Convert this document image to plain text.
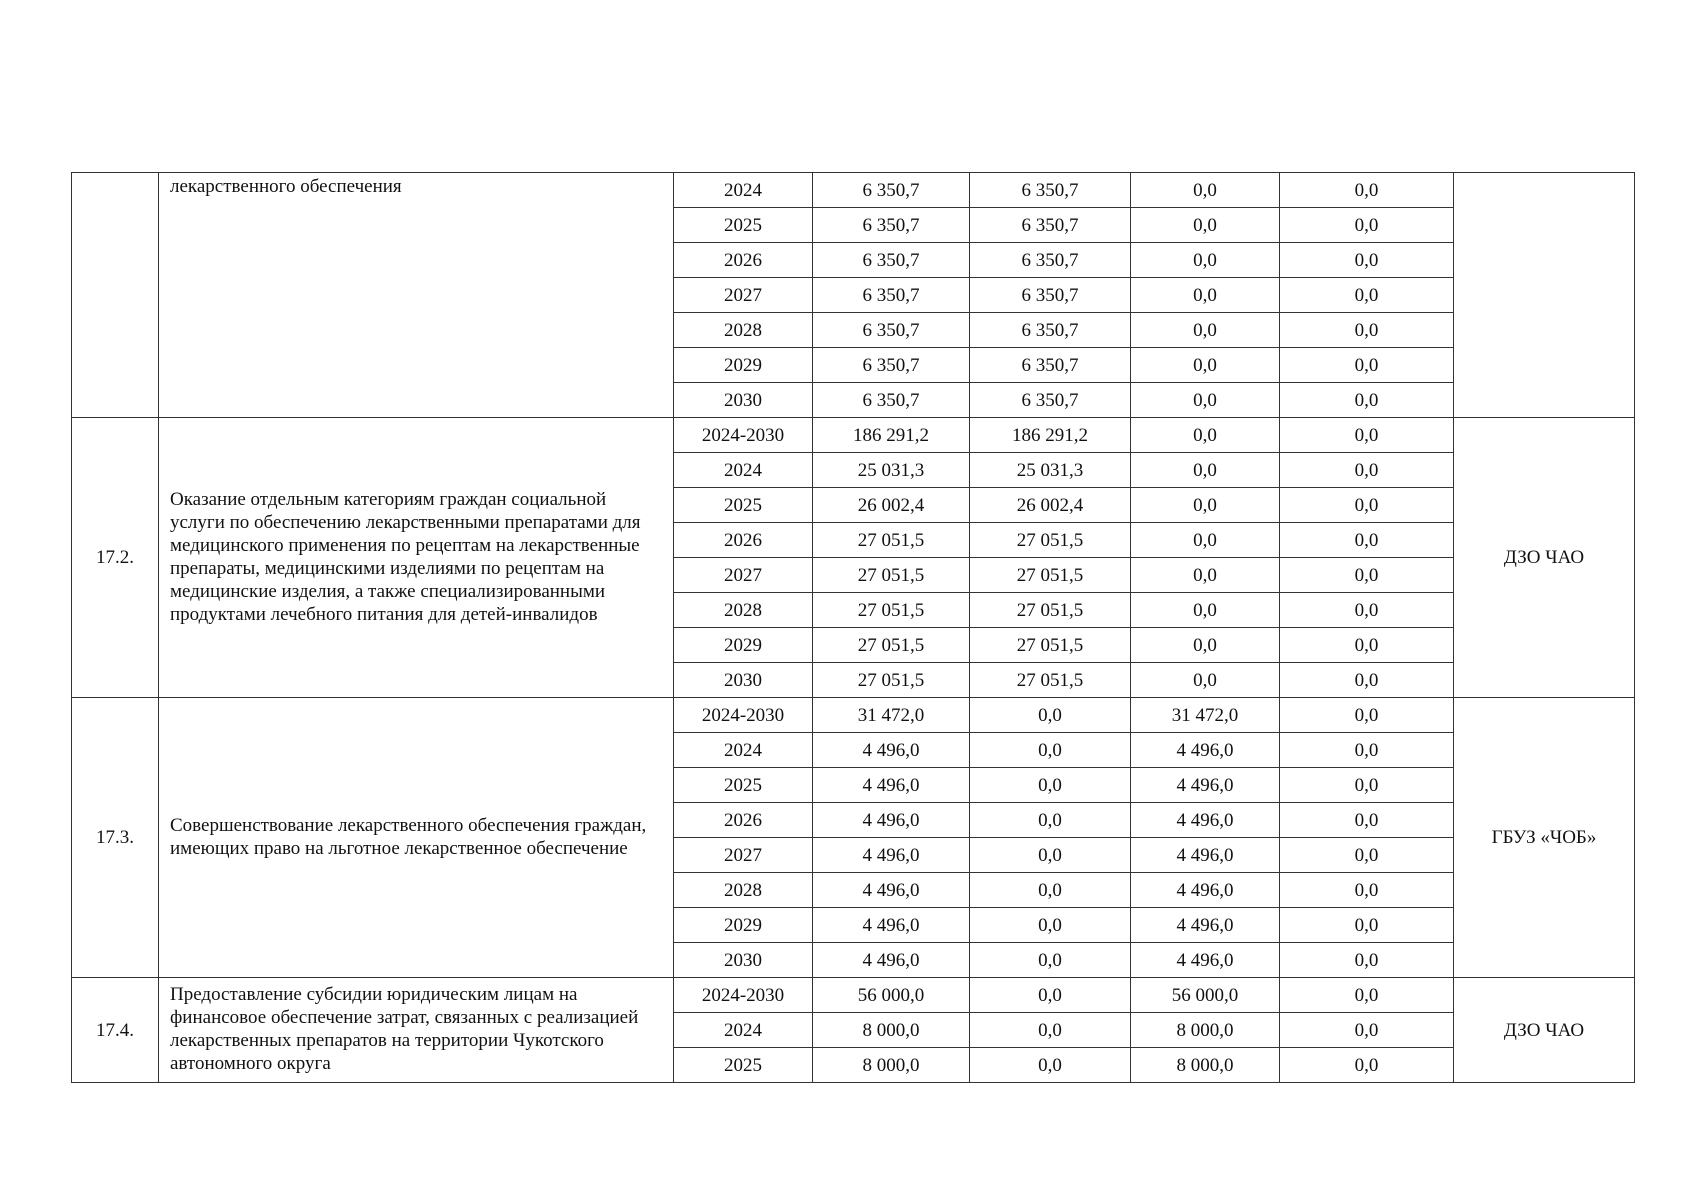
	лекарственного обеспечения	2024	6 350,7	6 350,7	0,0	0,0	
		2025	6 350,7	6 350,7	0,0	0,0	
		2026	6 350,7	6 350,7	0,0	0,0	
		2027	6 350,7	6 350,7	0,0	0,0	
		2028	6 350,7	6 350,7	0,0	0,0	
		2029	6 350,7	6 350,7	0,0	0,0	
		2030	6 350,7	6 350,7	0,0	0,0	
17.2.	Оказание отдельным категориям граждан социальной услуги по обеспечению лекарственными препаратами для медицинского применения по рецептам на лекарственные препараты, медицинскими изделиями по рецептам на медицинские изделия, а также специализированными продуктами лечебного питания для детей-инвалидов	2024-2030	186 291,2	186 291,2	0,0	0,0	ДЗО ЧАО
		2024	25 031,3	25 031,3	0,0	0,0	
		2025	26 002,4	26 002,4	0,0	0,0	
		2026	27 051,5	27 051,5	0,0	0,0	
		2027	27 051,5	27 051,5	0,0	0,0	
		2028	27 051,5	27 051,5	0,0	0,0	
		2029	27 051,5	27 051,5	0,0	0,0	
		2030	27 051,5	27 051,5	0,0	0,0	
17.3.	Совершенствование лекарственного обеспечения граждан, имеющих право на льготное лекарственное обеспечение	2024-2030	31 472,0	0,0	31 472,0	0,0	ГБУЗ «ЧОБ»
		2024	4 496,0	0,0	4 496,0	0,0	
		2025	4 496,0	0,0	4 496,0	0,0	
		2026	4 496,0	0,0	4 496,0	0,0	
		2027	4 496,0	0,0	4 496,0	0,0	
		2028	4 496,0	0,0	4 496,0	0,0	
		2029	4 496,0	0,0	4 496,0	0,0	
		2030	4 496,0	0,0	4 496,0	0,0	
17.4.	Предоставление субсидии юридическим лицам на финансовое обеспечение затрат, связанных с реализацией лекарственных препаратов на территории Чукотского автономного округа	2024-2030	56 000,0	0,0	56 000,0	0,0	ДЗО ЧАО
		2024	8 000,0	0,0	8 000,0	0,0	
		2025	8 000,0	0,0	8 000,0	0,0	
